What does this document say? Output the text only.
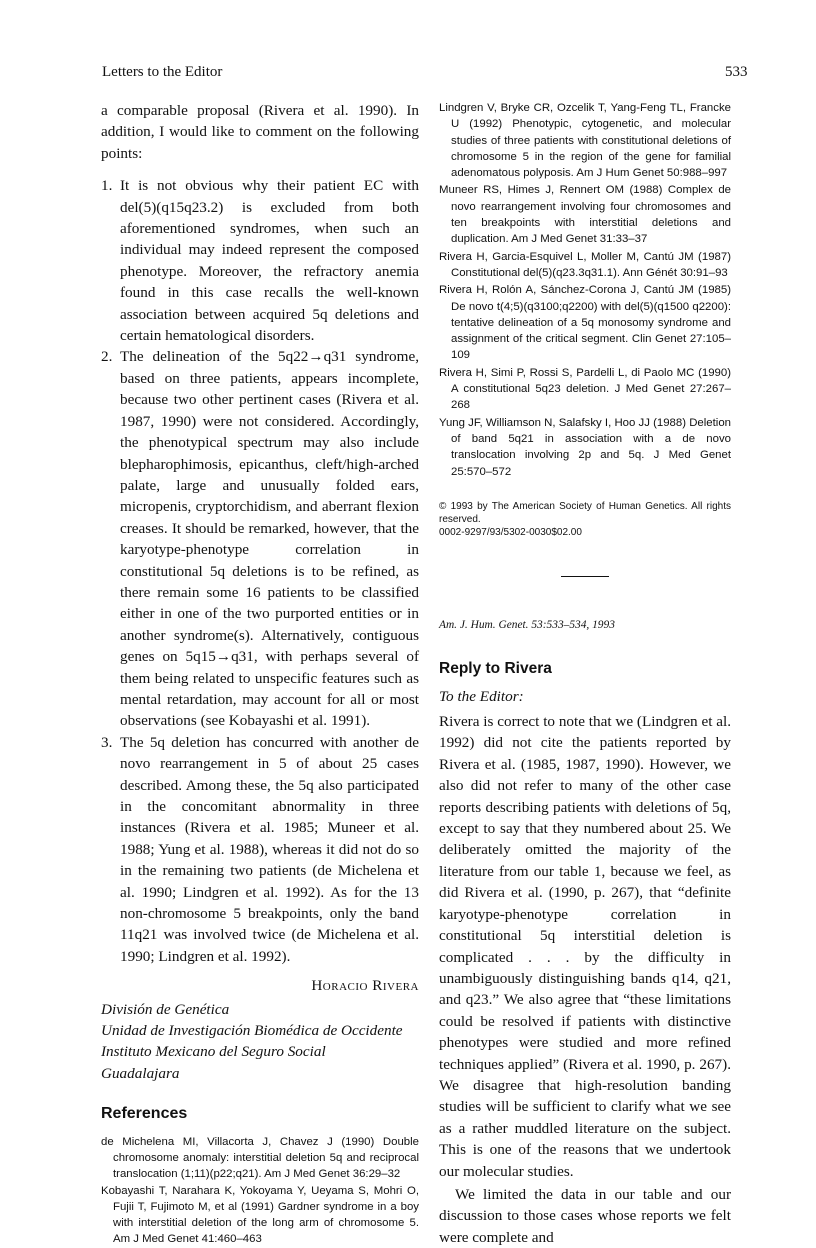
Letters to the Editor	533

a comparable proposal (Rivera et al. 1990). In addition, I would like to comment on the following points:

1. It is not obvious why their patient EC with del(5)(q15q23.2) is excluded from both aforementioned syndromes, when such an individual may indeed represent the composed phenotype. Moreover, the refractory anemia found in this case recalls the well-known association between acquired 5q deletions and certain hematological disorders.
2. The delineation of the 5q22→q31 syndrome, based on three patients, appears incomplete, because two other pertinent cases (Rivera et al. 1987, 1990) were not considered. Accordingly, the phenotypical spectrum may also include blepharophimosis, epicanthus, cleft/high-arched palate, large and unusually folded ears, micropenis, cryptorchidism, and aberrant flexion creases. It should be remarked, however, that the karyotype-phenotype correlation in constitutional 5q deletions is to be refined, as there remain some 16 patients to be classified either in one of the two purported entities or in another syndrome(s). Alternatively, contiguous genes on 5q15→q31, with perhaps several of them being related to unspecific features such as mental retardation, may account for all or most observations (see Kobayashi et al. 1991).
3. The 5q deletion has concurred with another de novo rearrangement in 5 of about 25 cases described. Among these, the 5q also participated in the concomitant abnormality in three instances (Rivera et al. 1985; Muneer et al. 1988; Yung et al. 1988), whereas it did not do so in the remaining two patients (de Michelena et al. 1990; Lindgren et al. 1992). As for the 13 non-chromosome 5 breakpoints, only the band 11q21 was involved twice (de Michelena et al. 1990; Lindgren et al. 1992).
Horacio Rivera
División de Genética
Unidad de Investigación Biomédica de Occidente
Instituto Mexicano del Seguro Social
Guadalajara
References
de Michelena MI, Villacorta J, Chavez J (1990) Double chromosome anomaly: interstitial deletion 5q and reciprocal translocation (1;11)(p22;q21). Am J Med Genet 36:29–32
Kobayashi T, Narahara K, Yokoyama Y, Ueyama S, Mohri O, Fujii T, Fujimoto M, et al (1991) Gardner syndrome in a boy with interstitial deletion of the long arm of chromosome 5. Am J Med Genet 41:460–463
Lindgren V, Bryke CR, Ozcelik T, Yang-Feng TL, Francke U (1992) Phenotypic, cytogenetic, and molecular studies of three patients with constitutional deletions of chromosome 5 in the region of the gene for familial adenomatous polyposis. Am J Hum Genet 50:988–997
Muneer RS, Himes J, Rennert OM (1988) Complex de novo rearrangement involving four chromosomes and ten breakpoints with interstitial deletions and duplication. Am J Med Genet 31:33–37
Rivera H, Garcia-Esquivel L, Moller M, Cantú JM (1987) Constitutional del(5)(q23.3q31.1). Ann Génét 30:91–93
Rivera H, Rolón A, Sánchez-Corona J, Cantú JM (1985) De novo t(4;5)(q3100;q2200) with del(5)(q1500 q2200): tentative delineation of a 5q monosomy syndrome and assignment of the critical segment. Clin Genet 27:105–109
Rivera H, Simi P, Rossi S, Pardelli L, di Paolo MC (1990) A constitutional 5q23 deletion. J Med Genet 27:267–268
Yung JF, Williamson N, Salafsky I, Hoo JJ (1988) Deletion of band 5q21 in association with a de novo translocation involving 2p and 5q. J Med Genet 25:570–572
© 1993 by The American Society of Human Genetics. All rights reserved.
0002-9297/93/5302-0030$02.00
Am. J. Hum. Genet. 53:533–534, 1993
Reply to Rivera
To the Editor:

Rivera is correct to note that we (Lindgren et al. 1992) did not cite the patients reported by Rivera et al. (1985, 1987, 1990). However, we also did not refer to many of the other case reports describing patients with deletions of 5q, except to say that they numbered about 25. We deliberately omitted the majority of the literature from our table 1, because we feel, as did Rivera et al. (1990, p. 267), that “definite karyotype-phenotype correlation in constitutional 5q interstitial deletion is complicated . . . by the difficulty in unambiguously distinguishing bands q14, q21, and q23.” We also agree that “these limitations could be resolved if patients with distinctive phenotypes were studied and more refined techniques applied” (Rivera et al. 1990, p. 267). We disagree that high-resolution banding studies will be sufficient to clarify what we see as a rather muddled literature on the subject. This is one of the reasons that we undertook our molecular studies.

We limited the data in our table and our discussion to those cases whose reports we felt were complete and
